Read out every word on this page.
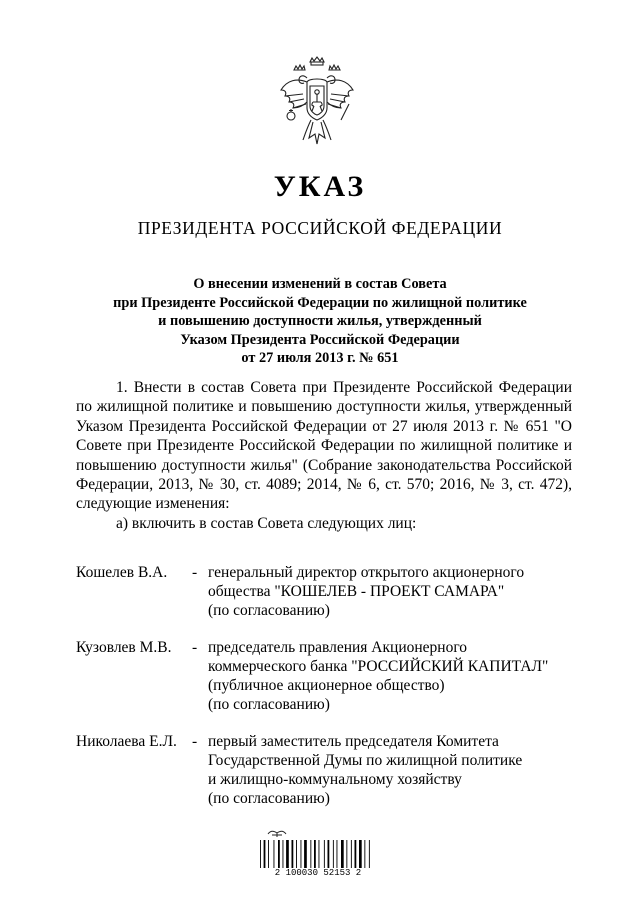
УКАЗ
ПРЕЗИДЕНТА РОССИЙСКОЙ ФЕДЕРАЦИИ
О внесении изменений в состав Совета
при Президенте Российской Федерации по жилищной политике
и повышению доступности жилья, утвержденный
Указом Президента Российской Федерации
от 27 июля 2013 г. № 651

1. Внести в состав Совета при Президенте Российской Федерации по жилищной политике и повышению доступности жилья, утвержденный Указом Президента Российской Федерации от 27 июля 2013 г. № 651 "О Совете при Президенте Российской Федерации по жилищной политике и повышению доступности жилья" (Собрание законодательства Российской Федерации, 2013, № 30, ст. 4089; 2014, № 6, ст. 570; 2016, № 3, ст. 472), следующие изменения:

а) включить в состав Совета следующих лиц:

Кошелев В.А. - генеральный директор открытого акционерного
общества "КОШЕЛЕВ - ПРОЕКТ САМАРА"
(по согласованию)
Кузовлев М.В. - председатель правления Акционерного
коммерческого банка "РОССИЙСКИЙ КАПИТАЛ"
(публичное акционерное общество)
(по согласованию)
Николаева Е.Л. - первый заместитель председателя Комитета
Государственной Думы по жилищной политике
и жилищно-коммунальному хозяйству
(по согласованию)
2 100030 52153 2
